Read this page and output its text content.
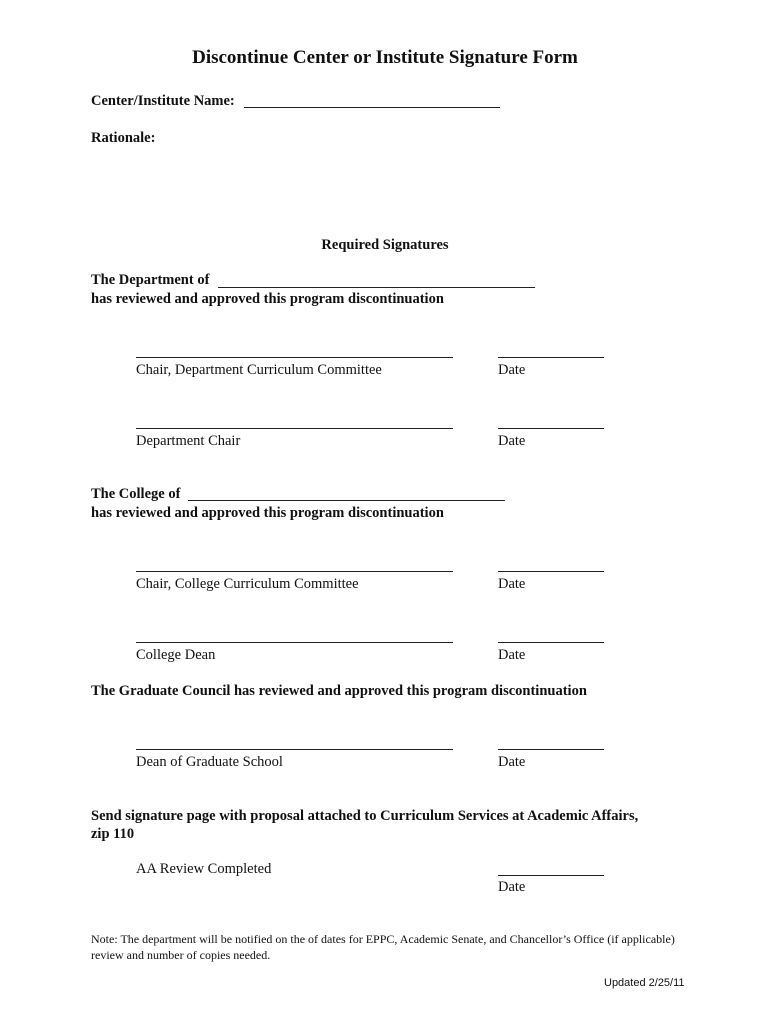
Discontinue Center or Institute Signature Form
Center/Institute Name:
Rationale:
Required Signatures
The Department of
has reviewed and approved this program discontinuation
Chair, Department Curriculum Committee	Date
Department Chair	Date
The College of
has reviewed and approved this program discontinuation
Chair, College Curriculum Committee	Date
College Dean	Date
The Graduate Council has reviewed and approved this program discontinuation
Dean of Graduate School	Date
Send signature page with proposal attached to Curriculum Services at Academic Affairs,
zip 110
AA Review Completed
Date
Note: The department will be notified on the of dates for EPPC, Academic Senate, and Chancellor’s Office (if applicable) review and number of copies needed.
Updated 2/25/11
